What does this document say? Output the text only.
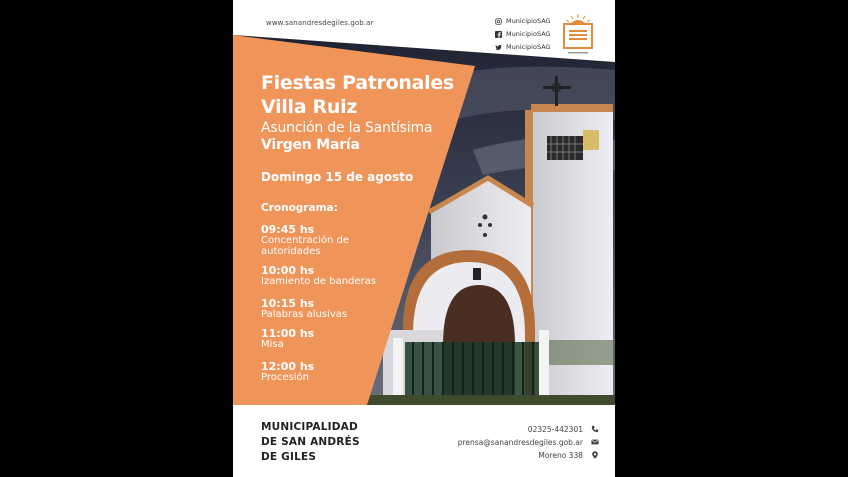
www.sanandresdegiles.gob.ar	MunicipioSAG
MunicipioSAG
MunicipioSAG
Fiestas Patronales
Villa Ruiz
Asunción de la Santísima
Virgen María
Domingo 15 de agosto
Cronograma:
09:45 hs
Concentración de
autoridades
10:00 hs
Izamiento de banderas
10:15 hs
Palabras alusivas
11:00 hs
Misa
12:00 hs
Procesión
MUNICIPALIDAD
DE SAN ANDRÉS
DE GILES
02325-442301
prensa@sanandresdegiles.gob.ar
Moreno 338
